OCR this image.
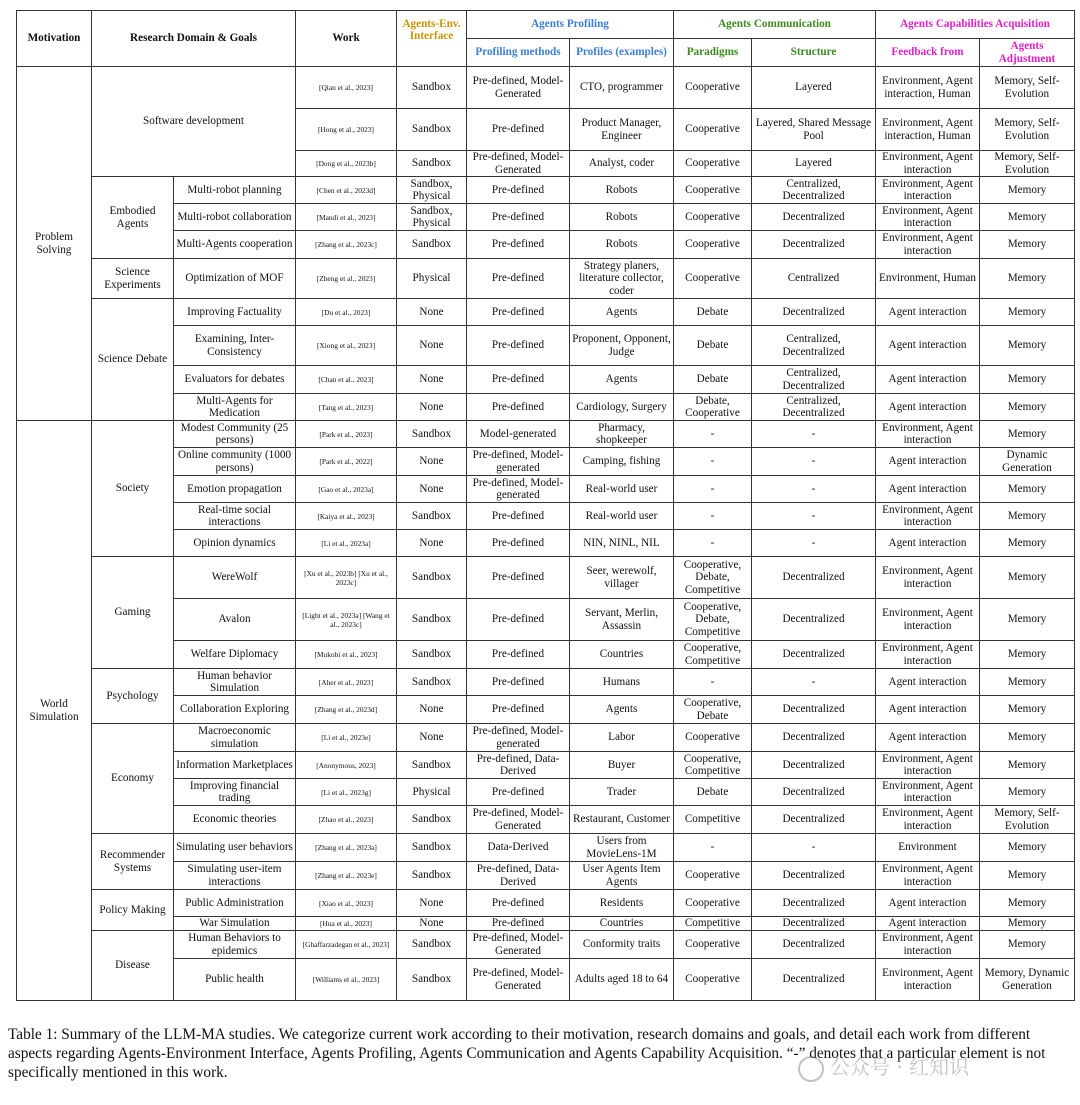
Motivation	Research Domain & Goals		Work	Agents-Env. Interface	Agents Profiling		Agents Communication		Agents Capabilities Acquisition	
					Profiling methods	Profiles (examples)	Paradigms	Structure	Feedback from	Agents Adjustment
Problem Solving	Software development		[Qian et al., 2023]	Sandbox	Pre-defined, Model-Generated	CTO, programmer	Cooperative	Layered	Environment, Agent interaction, Human	Memory, Self-Evolution
			[Hong et al., 2023]	Sandbox	Pre-defined	Product Manager, Engineer	Cooperative	Layered, Shared Message Pool	Environment, Agent interaction, Human	Memory, Self-Evolution
			[Dong et al., 2023b]	Sandbox	Pre-defined, Model-Generated	Analyst, coder	Cooperative	Layered	Environment, Agent interaction	Memory, Self-Evolution
	Embodied Agents	Multi-robot planning	[Chen et al., 2023d]	Sandbox, Physical	Pre-defined	Robots	Cooperative	Centralized, Decentralized	Environment, Agent interaction	Memory
		Multi-robot collaboration	[Mandi et al., 2023]	Sandbox, Physical	Pre-defined	Robots	Cooperative	Decentralized	Environment, Agent interaction	Memory
		Multi-Agents cooperation	[Zhang et al., 2023c]	Sandbox	Pre-defined	Robots	Cooperative	Decentralized	Environment, Agent interaction	Memory
	Science Experiments	Optimization of MOF	[Zheng et al., 2023]	Physical	Pre-defined	Strategy planers, literature collector, coder	Cooperative	Centralized	Environment, Human	Memory
	Science Debate	Improving Factuality	[Du et al., 2023]	None	Pre-defined	Agents	Debate	Decentralized	Agent interaction	Memory
		Examining, Inter-Consistency	[Xiong et al., 2023]	None	Pre-defined	Proponent, Opponent, Judge	Debate	Centralized, Decentralized	Agent interaction	Memory
		Evaluators for debates	[Chan et al., 2023]	None	Pre-defined	Agents	Debate	Centralized, Decentralized	Agent interaction	Memory
		Multi-Agents for Medication	[Tang et al., 2023]	None	Pre-defined	Cardiology, Surgery	Debate, Cooperative	Centralized, Decentralized	Agent interaction	Memory
World Simulation	Society	Modest Community (25 persons)	[Park et al., 2023]	Sandbox	Model-generated	Pharmacy, shopkeeper	-	-	Environment, Agent interaction	Memory
		Online community (1000 persons)	[Park et al., 2022]	None	Pre-defined, Model-generated	Camping, fishing	-	-	Agent interaction	Dynamic Generation
		Emotion propagation	[Gao et al., 2023a]	None	Pre-defined, Model-generated	Real-world user	-	-	Agent interaction	Memory
		Real-time social interactions	[Kaiya et al., 2023]	Sandbox	Pre-defined	Real-world user	-	-	Environment, Agent interaction	Memory
		Opinion dynamics	[Li et al., 2023a]	None	Pre-defined	NIN, NINL, NIL	-	-	Agent interaction	Memory
	Gaming	WereWolf	[Xu et al., 2023b] [Xu et al., 2023c]	Sandbox	Pre-defined	Seer, werewolf, villager	Cooperative, Debate, Competitive	Decentralized	Environment, Agent interaction	Memory
		Avalon	[Light et al., 2023a] [Wang et al., 2023c]	Sandbox	Pre-defined	Servant, Merlin, Assassin	Cooperative, Debate, Competitive	Decentralized	Environment, Agent interaction	Memory
		Welfare Diplomacy	[Mukobi et al., 2023]	Sandbox	Pre-defined	Countries	Cooperative, Competitive	Decentralized	Environment, Agent interaction	Memory
	Psychology	Human behavior Simulation	[Aher et al., 2023]	Sandbox	Pre-defined	Humans	-	-	Agent interaction	Memory
		Collaboration Exploring	[Zhang et al., 2023d]	None	Pre-defined	Agents	Cooperative, Debate	Decentralized	Agent interaction	Memory
	Economy	Macroeconomic simulation	[Li et al., 2023e]	None	Pre-defined, Model-generated	Labor	Cooperative	Decentralized	Agent interaction	Memory
		Information Marketplaces	[Anonymous, 2023]	Sandbox	Pre-defined, Data-Derived	Buyer	Cooperative, Competitive	Decentralized	Environment, Agent interaction	Memory
		Improving financial trading	[Li et al., 2023g]	Physical	Pre-defined	Trader	Debate	Decentralized	Environment, Agent interaction	Memory
		Economic theories	[Zhao et al., 2023]	Sandbox	Pre-defined, Model-Generated	Restaurant, Customer	Competitive	Decentralized	Environment, Agent interaction	Memory, Self-Evolution
	Recommender Systems	Simulating user behaviors	[Zhang et al., 2023a]	Sandbox	Data-Derived	Users from MovieLens-1M	-	-	Environment	Memory
		Simulating user-item interactions	[Zhang et al., 2023e]	Sandbox	Pre-defined, Data-Derived	User Agents Item Agents	Cooperative	Decentralized	Environment, Agent interaction	Memory
	Policy Making	Public Administration	[Xiao et al., 2023]	None	Pre-defined	Residents	Cooperative	Decentralized	Agent interaction	Memory
		War Simulation	[Hua et al., 2023]	None	Pre-defined	Countries	Competitive	Decentralized	Agent interaction	Memory
	Disease	Human Behaviors to epidemics	[Ghaffarzadegan et al., 2023]	Sandbox	Pre-defined, Model-Generated	Conformity traits	Cooperative	Decentralized	Environment, Agent interaction	Memory
		Public health	[Williams et al., 2023]	Sandbox	Pre-defined, Model-Generated	Adults aged 18 to 64	Cooperative	Decentralized	Environment, Agent interaction	Memory, Dynamic Generation
Table 1: Summary of the LLM-MA studies. We categorize current work according to their motivation, research domains and goals, and detail each work from different aspects regarding Agents-Environment Interface, Agents Profiling, Agents Communication and Agents Capability Acquisition. “-” denotes that a particular element is not specifically mentioned in this work.	公众号 · 红知识
